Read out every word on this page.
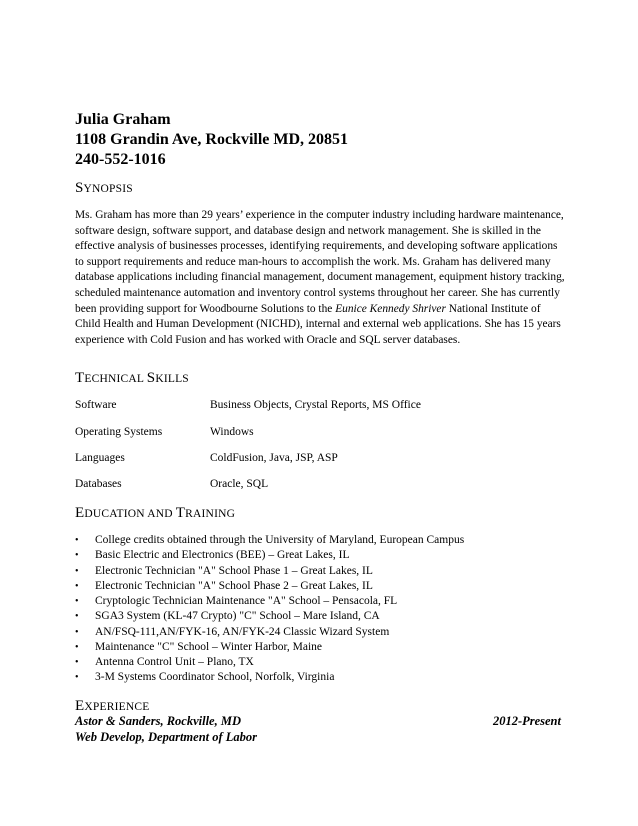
Julia Graham
1108 Grandin Ave, Rockville MD, 20851
240-552-1016
SYNOPSIS

Ms. Graham has more than 29 years’ experience in the computer industry including hardware maintenance, software design, software support, and database design and network management. She is skilled in the effective analysis of businesses processes, identifying requirements, and developing software applications to support requirements and reduce man-hours to accomplish the work. Ms. Graham has delivered many database applications including financial management, document management, equipment history tracking, scheduled maintenance automation and inventory control systems throughout her career. She has currently been providing support for Woodbourne Solutions to the Eunice Kennedy Shriver National Institute of Child Health and Human Development (NICHD), internal and external web applications. She has 15 years experience with Cold Fusion and has worked with Oracle and SQL server databases.

TECHNICAL SKILLS
Software	Business Objects, Crystal Reports, MS Office
Operating Systems	Windows
Languages	ColdFusion, Java, JSP, ASP
Databases	Oracle, SQL
EDUCATION AND TRAINING
• College credits obtained through the University of Maryland, European Campus
• Basic Electric and Electronics (BEE) – Great Lakes, IL
• Electronic Technician "A" School Phase 1 – Great Lakes, IL
• Electronic Technician "A" School Phase 2 – Great Lakes, IL
• Cryptologic Technician Maintenance "A" School – Pensacola, FL
• SGA3 System (KL-47 Crypto) "C" School – Mare Island, CA
• AN/FSQ-111,AN/FYK-16, AN/FYK-24 Classic Wizard System
• Maintenance "C" School – Winter Harbor, Maine
• Antenna Control Unit – Plano, TX
• 3-M Systems Coordinator School, Norfolk, Virginia
EXPERIENCE
Astor & Sanders, Rockville, MD	2012-Present
Web Develop, Department of Labor
